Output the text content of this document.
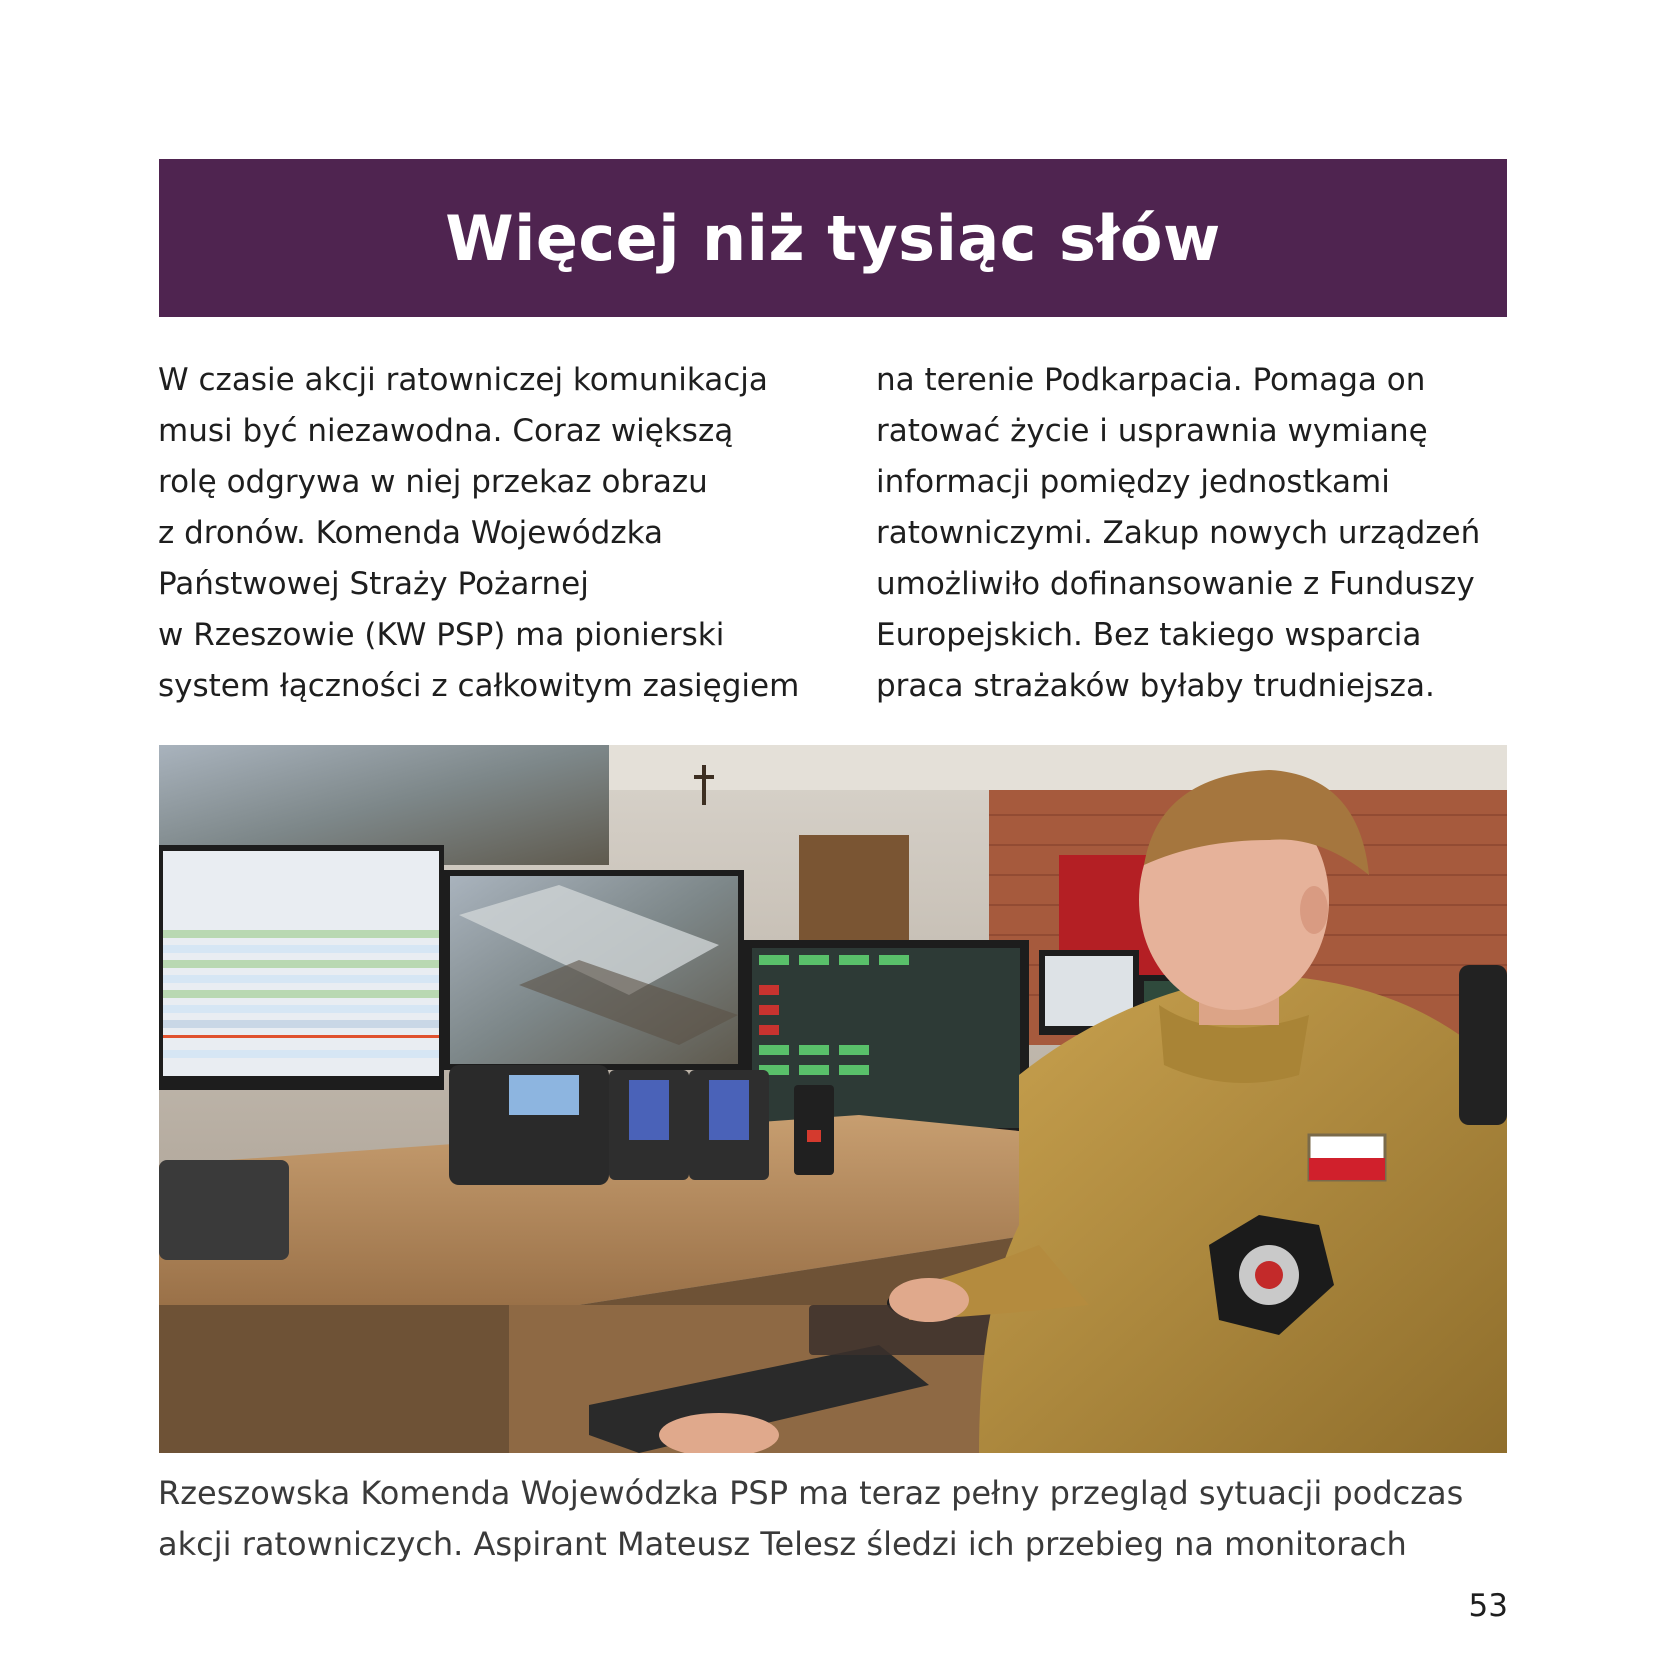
Więcej niż tysiąc słów

W czasie akcji ratowniczej komunikacja
musi być niezawodna. Coraz większą
rolę odgrywa w niej przekaz obrazu
z dronów. Komenda Wojewódzka
Państwowej Straży Pożarnej
w Rzeszowie (KW PSP) ma pionierski
system łączności z całkowitym zasięgiem

na terenie Podkarpacia. Pomaga on
ratować życie i usprawnia wymianę
informacji pomiędzy jednostkami
ratowniczymi. Zakup nowych urządzeń
umożliwiło dofinansowanie z Funduszy
Europejskich. Bez takiego wsparcia
praca strażaków byłaby trudniejsza.

Rzeszowska Komenda Wojewódzka PSP ma teraz pełny przegląd sytuacji podczas
akcji ratowniczych. Aspirant Mateusz Telesz śledzi ich przebieg na monitorach

53
